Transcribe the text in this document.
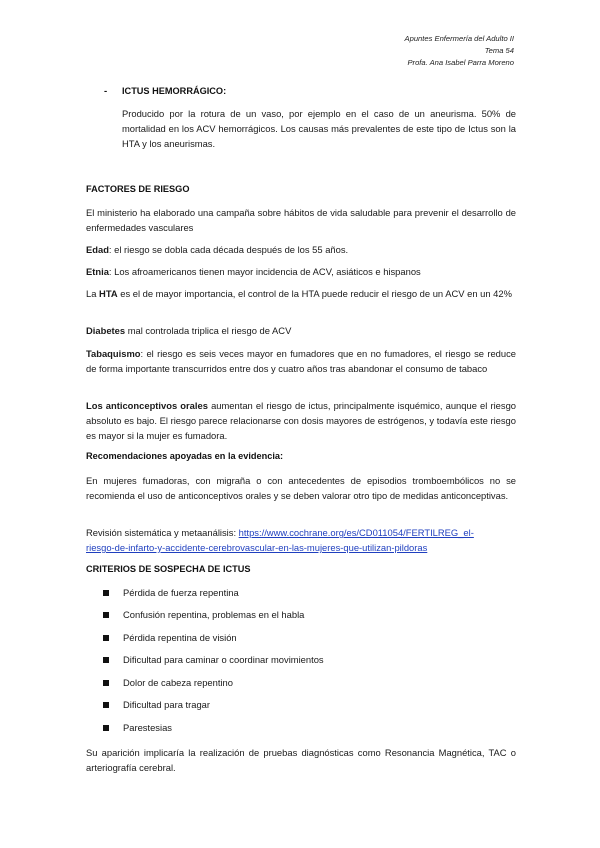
Apuntes Enfermería del Adulto II
Tema 54
Profa. Ana Isabel Parra Moreno
- ICTUS HEMORRÁGICO:
Producido por la rotura de un vaso, por ejemplo en el caso de un aneurisma. 50% de mortalidad en los ACV hemorrágicos. Los causas más prevalentes de este tipo de Ictus son la HTA y los aneurismas.
FACTORES DE RIESGO
El ministerio ha elaborado una campaña sobre hábitos de vida saludable para prevenir el desarrollo de enfermedades vasculares
Edad: el riesgo se dobla cada década después de los 55 años.
Etnia: Los afroamericanos tienen mayor incidencia de ACV, asiáticos e hispanos
La HTA es el de mayor importancia, el control de la HTA puede reducir el riesgo de un ACV en un 42%
Diabetes mal controlada triplica el riesgo de ACV
Tabaquismo: el riesgo es seis veces mayor en fumadores que en no fumadores, el riesgo se reduce de forma importante transcurridos entre dos y cuatro años tras abandonar el consumo de tabaco
Los anticonceptivos orales aumentan el riesgo de ictus, principalmente isquémico, aunque el riesgo absoluto es bajo. El riesgo parece relacionarse con dosis mayores de estrógenos, y todavía este riesgo es mayor si la mujer es fumadora.
Recomendaciones apoyadas en la evidencia:
En mujeres fumadoras, con migraña o con antecedentes de episodios tromboembólicos no se recomienda el uso de anticonceptivos orales y se deben valorar otro tipo de medidas anticonceptivas.
Revisión sistemática y metaanálisis: https://www.cochrane.org/es/CD011054/FERTILREG_el-
riesgo-de-infarto-y-accidente-cerebrovascular-en-las-mujeres-que-utilizan-pildoras
CRITERIOS DE SOSPECHA DE ICTUS
Pérdida de fuerza repentina
Confusión repentina, problemas en el habla
Pérdida repentina de visión
Dificultad para caminar o coordinar movimientos
Dolor de cabeza repentino
Dificultad para tragar
Parestesias
Su aparición implicaría la realización de pruebas diagnósticas como Resonancia Magnética, TAC o arteriografía cerebral.
